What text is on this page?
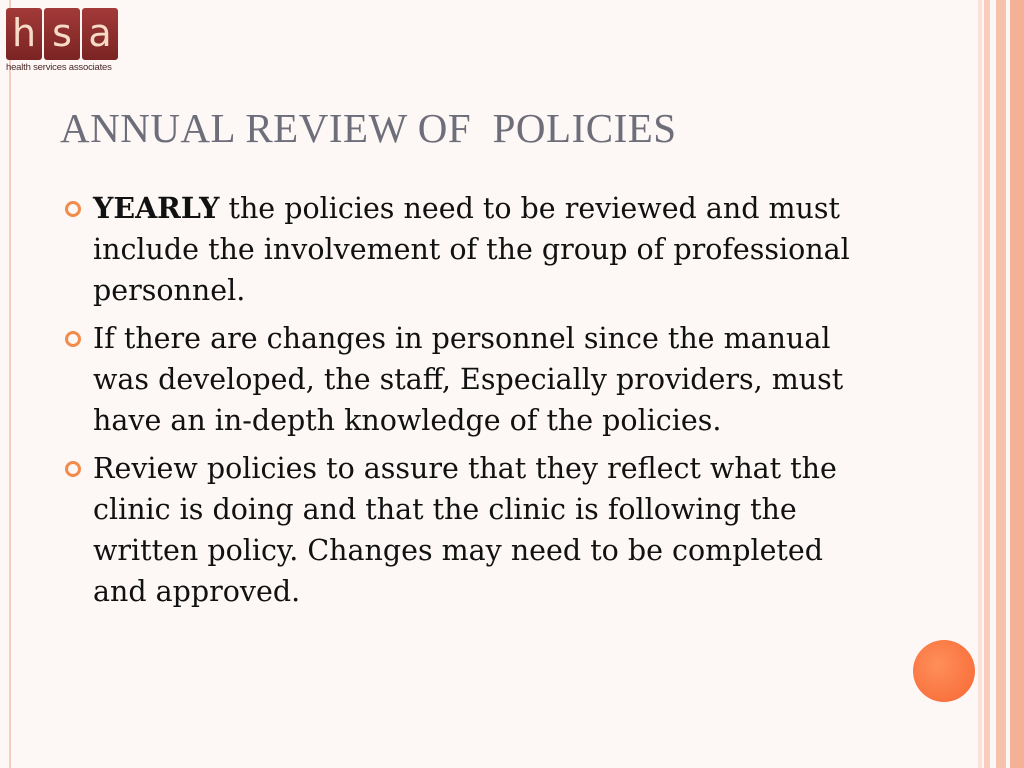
h s a
health services associates
ANNUAL REVIEW OF  POLICIES
YEARLY the policies need to be reviewed and must include the involvement of the group of professional personnel.
If there are changes in personnel since the manual was developed, the staff, Especially providers, must have an in-depth knowledge of the policies.
Review policies to assure that they reflect what the clinic is doing and that the clinic is following the written policy. Changes may need to be completed and approved.
